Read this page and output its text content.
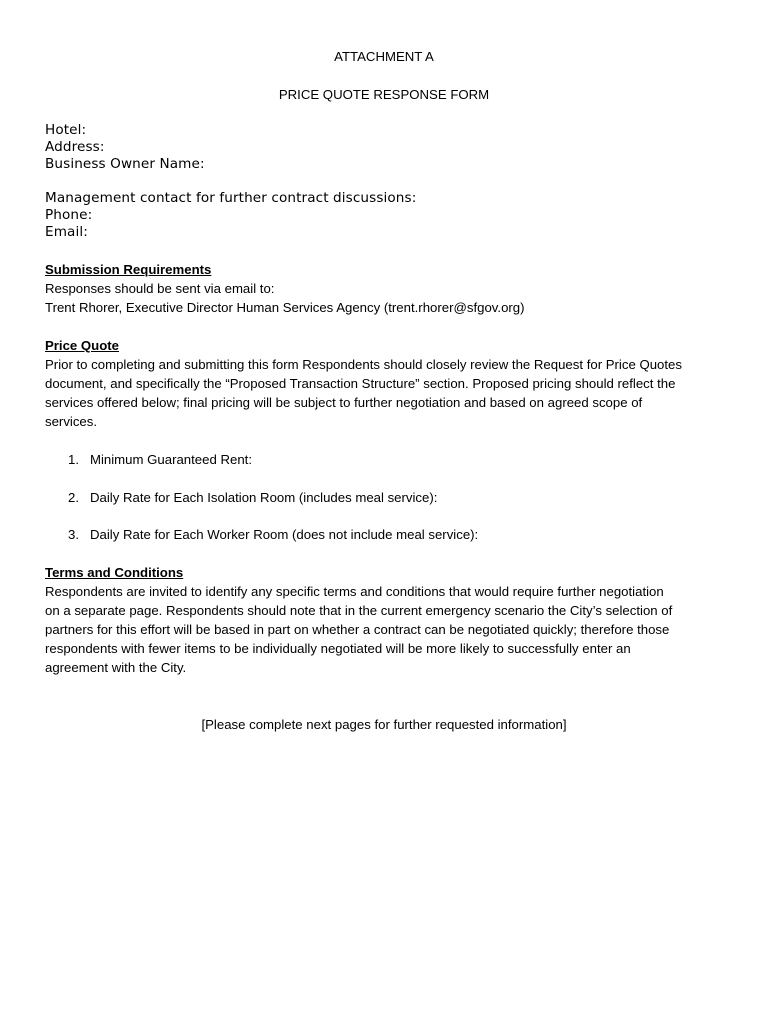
ATTACHMENT A
PRICE QUOTE RESPONSE FORM
Hotel:
Address:
Business Owner Name:
Management contact for further contract discussions:
Phone:
Email:
Submission Requirements
Responses should be sent via email to:
Trent Rhorer, Executive Director Human Services Agency (trent.rhorer@sfgov.org)
Price Quote
Prior to completing and submitting this form Respondents should closely review the Request for Price Quotes
document, and specifically the “Proposed Transaction Structure” section. Proposed pricing should reflect the
services offered below; final pricing will be subject to further negotiation and based on agreed scope of
services.
1. Minimum Guaranteed Rent:
2. Daily Rate for Each Isolation Room (includes meal service):
3. Daily Rate for Each Worker Room (does not include meal service):
Terms and Conditions
Respondents are invited to identify any specific terms and conditions that would require further negotiation
on a separate page. Respondents should note that in the current emergency scenario the City’s selection of
partners for this effort will be based in part on whether a contract can be negotiated quickly; therefore those
respondents with fewer items to be individually negotiated will be more likely to successfully enter an
agreement with the City.
[Please complete next pages for further requested information]
